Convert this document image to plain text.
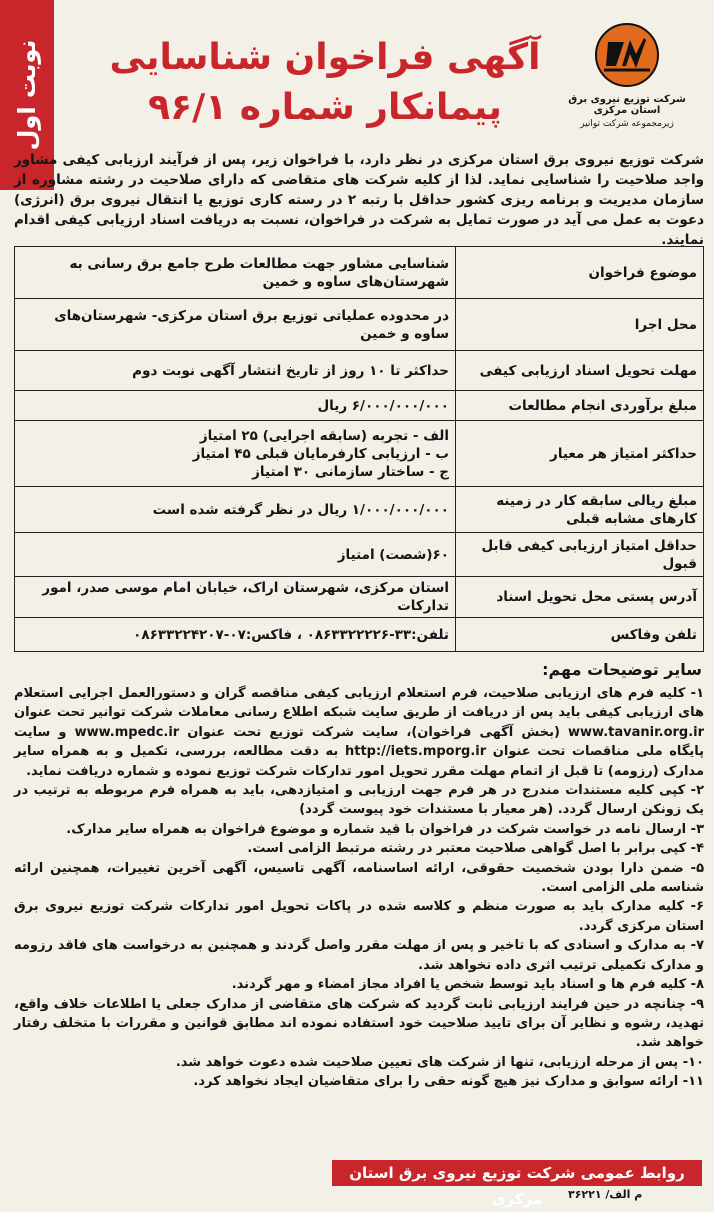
نوبت اول	شرکت توزیع نیروی برق استان مرکزی
زیرمجموعه شرکت توانیر
آگهی فراخوان شناسایی
پیمانکار شماره ۹۶/۱
شرکت توزیع نیروی برق استان مرکزی در نظر دارد، با فراخوان زیر، پس از فرآیند ارزیابی کیفی مشاور واجد صلاحیت را شناسایی نماید. لذا از کلیه شرکت های متقاضی که دارای صلاحیت در رشته مشاوره از سازمان مدیریت و برنامه ریزی کشور حداقل با رتبه ۲ در رسته کاری توزیع یا انتقال نیروی برق (انرژی) دعوت به عمل می آید در صورت تمایل به شرکت در فراخوان، نسبت به دریافت اسناد ارزیابی کیفی اقدام نمایند.
موضوع فراخوان	شناسایی مشاور جهت مطالعات طرح جامع برق رسانی به شهرستان‌های ساوه و خمین
محل اجرا	در محدوده عملیاتی توزیع برق استان مرکزی- شهرستان‌های ساوه و خمین
مهلت تحویل اسناد ارزیابی کیفی	حداکثر تا ۱۰ روز از تاریخ انتشار آگهی نوبت دوم
مبلغ برآوردی انجام مطالعات	۶/۰۰۰/۰۰۰/۰۰۰ ریال
حداکثر امتیاز هر معیار	الف - تجربه (سابقه اجرایی) ۲۵ امتیاز
ب - ارزیابی کارفرمایان قبلی ۴۵ امتیاز
ج - ساختار سازمانی ۳۰ امتیاز

مبلغ ریالی سابقه کار در زمینه کارهای مشابه قبلی	۱/۰۰۰/۰۰۰/۰۰۰ ریال در نظر گرفته شده است
حداقل امتیاز ارزیابی کیفی قابل قبول	۶۰(شصت) امتیاز
آدرس پستی محل تحویل اسناد	استان مرکزی، شهرستان اراک، خیابان امام موسی صدر، امور تدارکات
تلفن وفاکس	تلفن:۳۳-۰۸۶۳۳۲۲۲۲۶ ، فاکس:۰۷-۰۸۶۳۳۲۲۴۲۰۷
سایر توضیحات مهم:

۱- کلیه فرم های ارزیابی صلاحیت، فرم استعلام ارزیابی کیفی مناقصه گران و دستورالعمل اجرایی استعلام های ارزیابی کیفی باید پس از دریافت از طریق سایت شبکه اطلاع رسانی معاملات شرکت توانیر تحت عنوان www.tavanir.org.ir (بخش آگهی فراخوان)، سایت شرکت توزیع تحت عنوان www.mpedc.ir و سایت پایگاه ملی مناقصات تحت عنوان http://iets.mporg.ir به دقت مطالعه، بررسی، تکمیل و به همراه سایر مدارک (رزومه) تا قبل از اتمام مهلت مقرر تحویل امور تدارکات شرکت توزیع نموده و شماره دریافت نماید.

۲- کپی کلیه مستندات مندرج در هر فرم جهت ارزیابی و امتیازدهی، باید به همراه فرم مربوطه به ترتیب در یک زونکن ارسال گردد. (هر معیار با مستندات خود پیوست گردد)

۳- ارسال نامه در خواست شرکت در فراخوان با قید شماره و موضوع فراخوان به همراه سایر مدارک.

۴- کپی برابر با اصل گواهی صلاحیت معتبر در رشته مرتبط الزامی است.

۵- ضمن دارا بودن شخصیت حقوقی، ارائه اساسنامه، آگهی تاسیس، آگهی آخرین تغییرات، همچنین ارائه شناسه ملی الزامی است.

۶- کلیه مدارک باید به صورت منظم و کلاسه شده در پاکات تحویل امور تدارکات شرکت توزیع نیروی برق استان مرکزی گردد.

۷- به مدارک و اسنادی که با تاخیر و پس از مهلت مقرر واصل گردند و همچنین به درخواست های فاقد رزومه و مدارک تکمیلی ترتیب اثری داده نخواهد شد.

۸- کلیه فرم ها و اسناد باید توسط شخص یا افراد مجاز امضاء و مهر گردند.

۹- چنانچه در حین فرایند ارزیابی ثابت گردید که شرکت های متقاضی از مدارک جعلی یا اطلاعات خلاف واقع، تهدید، رشوه و نظایر آن برای تایید صلاحیت خود استفاده نموده اند مطابق قوانین و مقررات با متخلف رفتار خواهد شد.

۱۰- پس از مرحله ارزیابی، تنها از شرکت های تعیین صلاحیت شده دعوت خواهد شد.

۱۱- ارائه سوابق و مدارک نیز هیچ گونه حقی را برای متقاضیان ایجاد نخواهد کرد.

روابط عمومی شرکت توزیع نیروی برق استان مرکزی	م الف/ ۳۶۲۲۱
